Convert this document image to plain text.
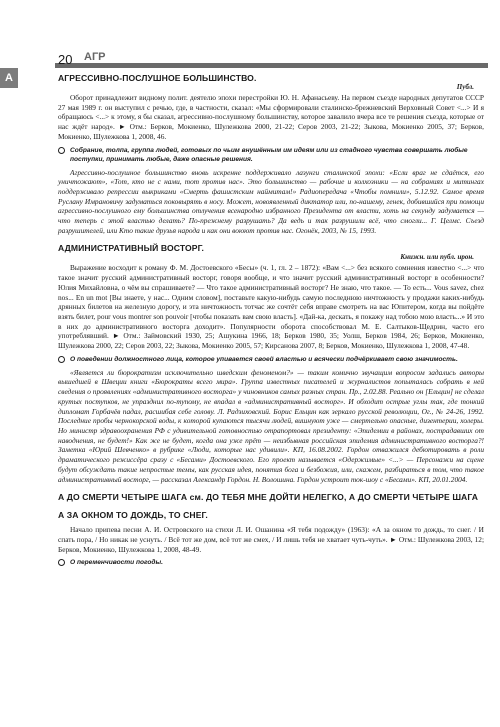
20 АГР
А	АГРЕССИВНО-ПОСЛУШНОЕ БОЛЬШИНСТВО.
Публ.

Оборот принадлежит видному полит. деятелю эпохи перестройки Ю. Н. Афанасьеву. На первом съезде народных депутатов СССР 27 мая 1989 г. он выступил с речью, где, в частности, сказал: «Мы сформировали сталинско-брежневский Верховный Совет <...> И я обращаюсь <...> к этому, я бы сказал, агрессивно-послушному большинству, которое завалило вчера все те решения съезда, которые от нас ждёт народ». ► Отм.: Берков, Мокиенко, Шулежкова 2000, 21-22; Серов 2003, 21-22; Зыкова, Мокиенко 2005, 37; Берков, Мокиенко, Шулежкова 1, 2008, 46.

Собрание, толпа, группа людей, готовых по чьим внушённым им идеям или из стадного чувства совершать любые поступки, принимать любые, даже опасные решения.

Агрессивно-послушное большинство вновь искренне поддерживало лазунги сталинской эпохи: «Если враг не сдаётся, его уничтожают», «Тот, кто не с нами, тот против нас». Это большинство — рабочие и колхозники — на собраниях и митингах поддерживало репрессии выкриками «Смерть фашистским наймитам!» Радиопередача «Чтобы помнили», 5.12.92. Самое время Руслану Имрановичу задуматься поковырять в носу. Может, новоявленный диктатор или, по-нашему, генек, добившийся при помощи агрессивно-послушного ему большинства отлучения всенародно избранного Президента от власти, хоть на секунду задумается — что теперь с этой властью делать? По-прежнему разрушать? Да ведь и так разрушили всё, что смогли... Г. Целмс. Съезд разрушителей, или Кто такие друзья народа и как они воюют против нас. Огонёк, 2003, № 15, 1993.

АДМИНИСТРАТИВНЫЙ ВОСТОРГ.
Книжн. или публ. ирон.

Выражение восходит к роману Ф. М. Достоевского «Бесы» (ч. 1, гл. 2 – 1872): «Вам <...> без всякого сомнения известно <...> что такое значит русский административный восторг, говоря вообще, и что значит русский административный восторг в особенности? Юлия Михайловна, о чём вы спрашиваете? — Что такое административный восторг? Не знаю, что такое. — То есть... Vous savez, chez nos... En un mot [Вы знаете, у нас... Одним словом], поставьте какую-нибудь самую последнюю ничтожность у продажи каких-нибудь дрянных билетов на железную дорогу, и эта ничтожность тотчас же сочтёт себя вправе смотреть на вас Юпитером, когда вы пойдёте взять билет, pour vous montrer son pouvoir [чтобы показать вам свою власть]. «Дай-ка, дескать, я покажу над тобою мою власть...» И это в них до административного восторга доходит». Популярности оборота способствовал М. Е. Салтыков-Щедрин, часто его употреблявший. ► Отм.: Займовский 1930, 25; Ашукина 1966, 18; Берков 1980, 35; Уолш, Берков 1984, 26; Берков, Мокиенко, Шулежкова 2000, 22; Серов 2003, 22; Зыкова, Мокиенко 2005, 57; Кирсанова 2007, 8; Берков, Мокиенко, Шулежкова 1, 2008, 47-48.

О поведении должностного лица, которое упивается своей властью и всячески подчёркивает свою значимость.

«Является ли бюрократизм исключительно шведским феноменом?» — таким комично звучащим вопросом задались авторы вышедшей в Швеции книги «Бюрократы всего мира». Группа известных писателей и журналистов попыталась собрать в ней сведения о проявлениях «административного восторга» у чиновников самых разных стран. Пр., 2.02.88. Реально он [Ельцин] не сделал крутых поступков, не упразднил по-тупому, не впадал в «административный восторг». И обходит острые углы так, где тонкий дипломат Горбачёв падал, расшибая себе голову. Л. Радзиховский. Борис Ельцин как зеркало русской революции, Ог., № 24-26, 1992. Последние пробы чернокорской воды, к которой купаются тысячи людей, вишнуют уже — смертельно опасные, дизентерии, холеры. Но министр здравоохранения РФ с удивительной готовностью отрапортовал президенту: «Эпидемии в районах, пострадавших от наводнения, не будет!» Как же не будет, когда она уже прёт — неизбывная российская эпидемия административного восторга?! Заметка «Юрий Шевченко» в рубрике «Люди, которые нас удивили». КП, 16.08.2002. Гордон отважился дебютировать в роли драматического режиссёра сразу с «Бесами» Достоевского. Его проект называется «Одержимые» <...> — Персонажи на сцене будут обсуждать такие непростые темы, как русская идея, понятия бога и безбожия, или, скажем, разбираться в том, что такое административный восторг, — рассказал Александр Гордон. Н. Волошина. Гордон устроит ток-шоу с «Бесами». КП, 20.01.2004.

А ДО СМЕРТИ ЧЕТЫРЕ ШАГА см. ДО ТЕБЯ МНЕ ДОЙТИ НЕЛЕГКО, А ДО СМЕРТИ ЧЕТЫРЕ ШАГА
А ЗА ОКНОМ ТО ДОЖДЬ, ТО СНЕГ.

Начало припева песни А. И. Островского на стихи Л. И. Ошанина «Я тебя подожду» (1963): «А за окном то дождь, то снег. / И спать пора, / Но никак не уснуть. / Всё тот же дом, всё тот же смех, / И лишь тебя не хватает чуть-чуть». ► Отм.: Шулежкова 2003, 12; Берков, Мокиенко, Шулежкова 1, 2008, 48-49.

О переменчивости погоды.
